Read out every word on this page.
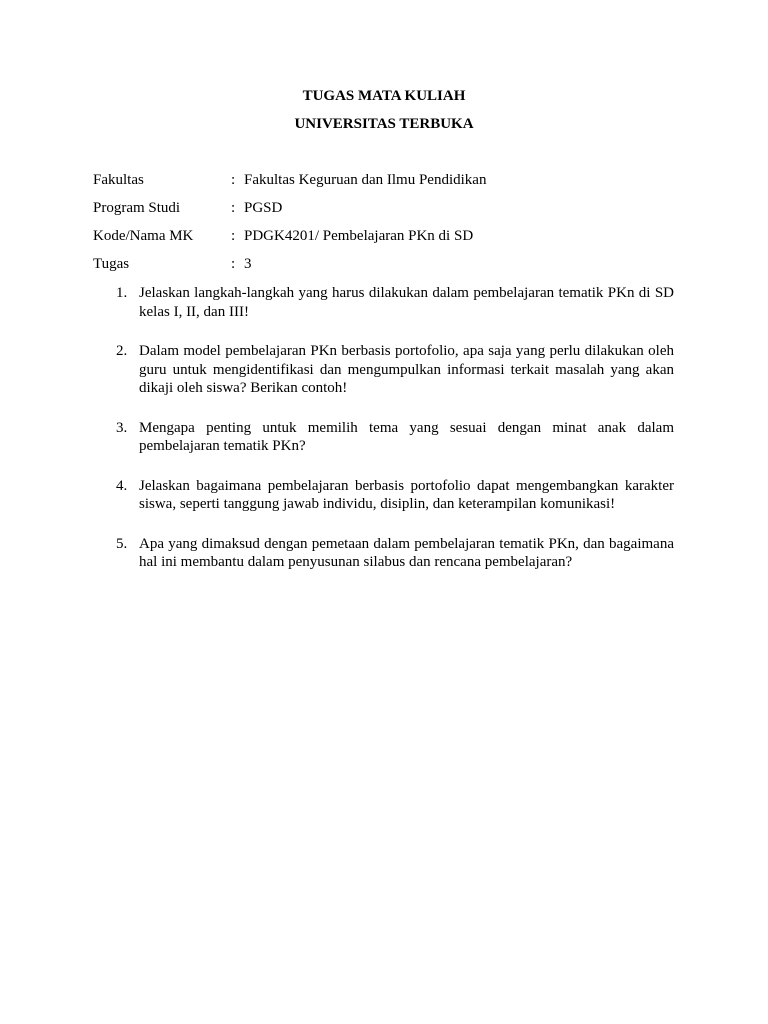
TUGAS MATA KULIAH
UNIVERSITAS TERBUKA
Fakultas	: Fakultas Keguruan dan Ilmu Pendidikan
Program Studi	: PGSD
Kode/Nama MK	: PDGK4201/ Pembelajaran PKn di SD
Tugas	: 3
1. Jelaskan langkah-langkah yang harus dilakukan dalam pembelajaran tematik PKn di SD kelas I, II, dan III!
2. Dalam model pembelajaran PKn berbasis portofolio, apa saja yang perlu dilakukan oleh guru untuk mengidentifikasi dan mengumpulkan informasi terkait masalah yang akan dikaji oleh siswa? Berikan contoh!
3. Mengapa penting untuk memilih tema yang sesuai dengan minat anak dalam pembelajaran tematik PKn?
4. Jelaskan bagaimana pembelajaran berbasis portofolio dapat mengembangkan karakter siswa, seperti tanggung jawab individu, disiplin, dan keterampilan komunikasi!
5. Apa yang dimaksud dengan pemetaan dalam pembelajaran tematik PKn, dan bagaimana hal ini membantu dalam penyusunan silabus dan rencana pembelajaran?
